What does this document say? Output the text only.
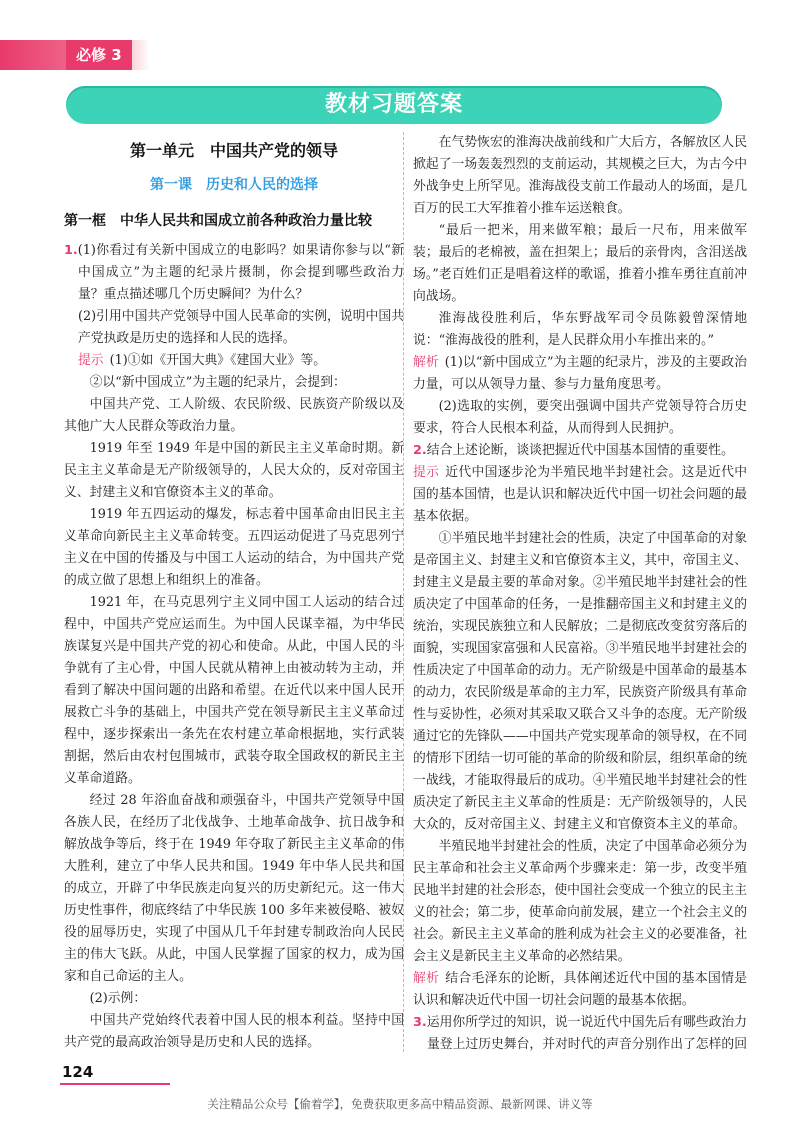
必修 3
教材习题答案
第一单元　中国共产党的领导
第一课　历史和人民的选择
第一框　中华人民共和国成立前各种政治力量比较

1.(1)你看过有关新中国成立的电影吗？如果请你参与以“新中国成立”为主题的纪录片摄制，你会提到哪些政治力量？重点描述哪几个历史瞬间？为什么？

(2)引用中国共产党领导中国人民革命的实例，说明中国共产党执政是历史的选择和人民的选择。

提示 (1)①如《开国大典》《建国大业》等。

②以“新中国成立”为主题的纪录片，会提到：

中国共产党、工人阶级、农民阶级、民族资产阶级以及其他广大人民群众等政治力量。

1919 年至 1949 年是中国的新民主主义革命时期。新民主主义革命是无产阶级领导的，人民大众的，反对帝国主义、封建主义和官僚资本主义的革命。

1919 年五四运动的爆发，标志着中国革命由旧民主主义革命向新民主主义革命转变。五四运动促进了马克思列宁主义在中国的传播及与中国工人运动的结合，为中国共产党的成立做了思想上和组织上的准备。

1921 年，在马克思列宁主义同中国工人运动的结合过程中，中国共产党应运而生。为中国人民谋幸福，为中华民族谋复兴是中国共产党的初心和使命。从此，中国人民的斗争就有了主心骨，中国人民就从精神上由被动转为主动，并看到了解决中国问题的出路和希望。在近代以来中国人民开展救亡斗争的基础上，中国共产党在领导新民主主义革命过程中，逐步探索出一条先在农村建立革命根据地，实行武装割据，然后由农村包围城市，武装夺取全国政权的新民主主义革命道路。

经过 28 年浴血奋战和顽强奋斗，中国共产党领导中国各族人民，在经历了北伐战争、土地革命战争、抗日战争和解放战争等后，终于在 1949 年夺取了新民主主义革命的伟大胜利，建立了中华人民共和国。1949 年中华人民共和国的成立，开辟了中华民族走向复兴的历史新纪元。这一伟大历史性事件，彻底终结了中华民族 100 多年来被侵略、被奴役的屈辱历史，实现了中国从几千年封建专制政治向人民民主的伟大飞跃。从此，中国人民掌握了国家的权力，成为国家和自己命运的主人。

(2)示例：

中国共产党始终代表着中国人民的根本利益。坚持中国共产党的最高政治领导是历史和人民的选择。

在气势恢宏的淮海决战前线和广大后方，各解放区人民掀起了一场轰轰烈烈的支前运动，其规模之巨大，为古今中外战争史上所罕见。淮海战役支前工作最动人的场面，是几百万的民工大军推着小推车运送粮食。

“最后一把米，用来做军粮；最后一尺布，用来做军装；最后的老棉被，盖在担架上；最后的亲骨肉，含泪送战场。”老百姓们正是唱着这样的歌谣，推着小推车勇往直前冲向战场。

淮海战役胜利后，华东野战军司令员陈毅曾深情地说：“淮海战役的胜利，是人民群众用小车推出来的。”

解析 (1)以“新中国成立”为主题的纪录片，涉及的主要政治力量，可以从领导力量、参与力量角度思考。

(2)选取的实例，要突出强调中国共产党领导符合历史要求，符合人民根本利益，从而得到人民拥护。

2.结合上述论断，谈谈把握近代中国基本国情的重要性。

提示 近代中国逐步沦为半殖民地半封建社会。这是近代中国的基本国情，也是认识和解决近代中国一切社会问题的最基本依据。

①半殖民地半封建社会的性质，决定了中国革命的对象是帝国主义、封建主义和官僚资本主义，其中，帝国主义、封建主义是最主要的革命对象。②半殖民地半封建社会的性质决定了中国革命的任务，一是推翻帝国主义和封建主义的统治，实现民族独立和人民解放；二是彻底改变贫穷落后的面貌，实现国家富强和人民富裕。③半殖民地半封建社会的性质决定了中国革命的动力。无产阶级是中国革命的最基本的动力，农民阶级是革命的主力军，民族资产阶级具有革命性与妥协性，必须对其采取又联合又斗争的态度。无产阶级通过它的先锋队——中国共产党实现革命的领导权，在不同的情形下团结一切可能的革命的阶级和阶层，组织革命的统一战线，才能取得最后的成功。④半殖民地半封建社会的性质决定了新民主主义革命的性质是：无产阶级领导的，人民大众的，反对帝国主义、封建主义和官僚资本主义的革命。

半殖民地半封建社会的性质，决定了中国革命必须分为民主革命和社会主义革命两个步骤来走：第一步，改变半殖民地半封建的社会形态，使中国社会变成一个独立的民主主义的社会；第二步，使革命向前发展，建立一个社会主义的社会。新民主主义革命的胜利成为社会主义的必要准备，社会主义是新民主主义革命的必然结果。

解析 结合毛泽东的论断，具体阐述近代中国的基本国情是认识和解决近代中国一切社会问题的最基本依据。

3.运用你所学过的知识，说一说近代中国先后有哪些政治力量登上过历史舞台，并对时代的声音分别作出了怎样的回

124
关注精品公众号【偷着学】，免费获取更多高中精品资源、最新网课、讲义等
